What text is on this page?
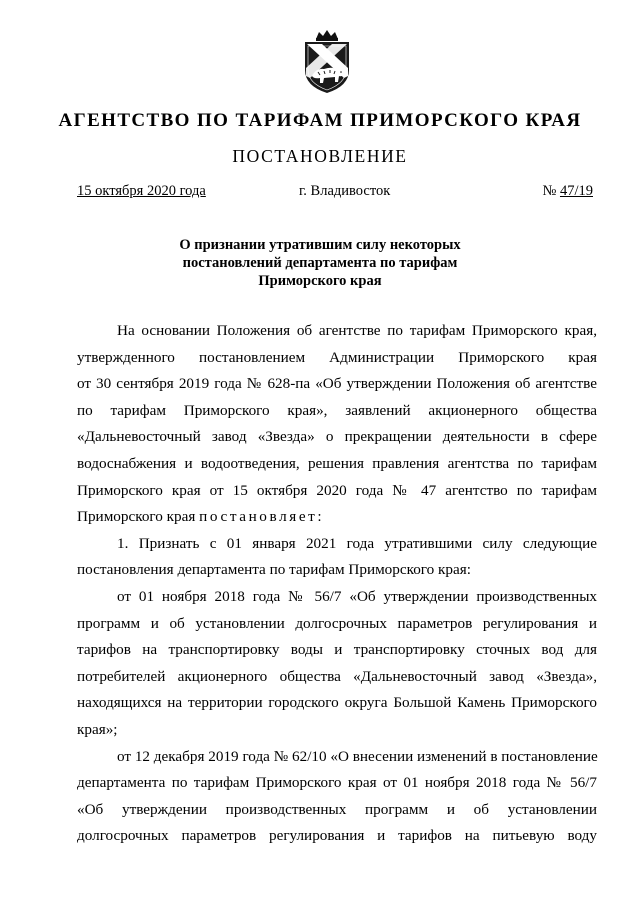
АГЕНТСТВО ПО ТАРИФАМ ПРИМОРСКОГО КРАЯ
ПОСТАНОВЛЕНИЕ
15 октября 2020 года	г. Владивосток	№ 47/19
О признании утратившим силу некоторых
постановлений департамента по тарифам
Приморского края
На основании Положения об агентстве по тарифам Приморского края,
утвержденного постановлением Администрации Приморского края
от 30 сентября 2019 года № 628-па «Об утверждении Положения об агентстве
по тарифам Приморского края», заявлений акционерного общества
«Дальневосточный завод «Звезда» о прекращении деятельности в сфере
водоснабжения и водоотведения, решения правления агентства по тарифам
Приморского края от 15 октября 2020 года № 47 агентство по тарифам
Приморского края постановляет:
1. Признать с 01 января 2021 года утратившими силу следующие
постановления департамента по тарифам Приморского края:
от 01 ноября 2018 года № 56/7 «Об утверждении производственных
программ и об установлении долгосрочных параметров регулирования и
тарифов на транспортировку воды и транспортировку сточных вод для
потребителей акционерного общества «Дальневосточный завод «Звезда»,
находящихся на территории городского округа Большой Камень Приморского
края»;
от 12 декабря 2019 года № 62/10 «О внесении изменений в постановление
департамента по тарифам Приморского края от 01 ноября 2018 года № 56/7
«Об утверждении производственных программ и об установлении
долгосрочных параметров регулирования и тарифов на питьевую воду
